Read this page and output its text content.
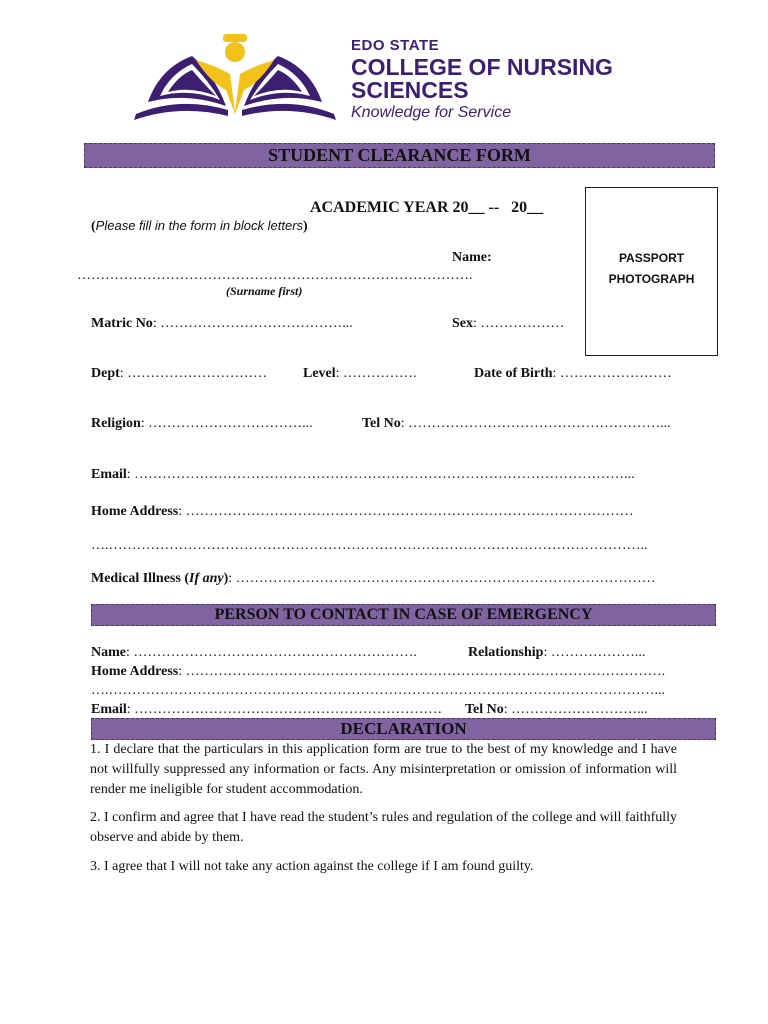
EDO STATE
COLLEGE OF NURSING
SCIENCES
Knowledge for Service
STUDENT CLEARANCE FORM
ACADEMIC YEAR 20__ --   20__
(Please fill in the form in block letters)
PASSPORT
PHOTOGRAPH
Name:
………………………………………………………………………….
(Surname first)
Matric No: …………………………………...	Sex: ………………
Dept: …………………………	Level: …………….	Date of Birth: ……………………
Religion: ……………………………...	Tel No: ………………………………………………...
Email: ……………………………………………………………………………………………...
Home Address: ……………………………………………………………………………………
….……………………………………………………………………………………………………..
Medical Illness (If any): ………………………………………………………………………………
PERSON TO CONTACT IN CASE OF EMERGENCY
Name: …………………………………………………….	Relationship: ………………...
Home Address: ………………………………………………………………………………………….
….………………………………………………………………………………………………………...
Email: ………………………………………………………… Tel No: ………………………...
DECLARATION
1. I declare that the particulars in this application form are true to the best of my knowledge and I have not willfully suppressed any information or facts. Any misinterpretation or omission of information will render me ineligible for student accommodation.
2. I confirm and agree that I have read the student’s rules and regulation of the college and will faithfully observe and abide by them.
3. I agree that I will not take any action against the college if I am found guilty.
